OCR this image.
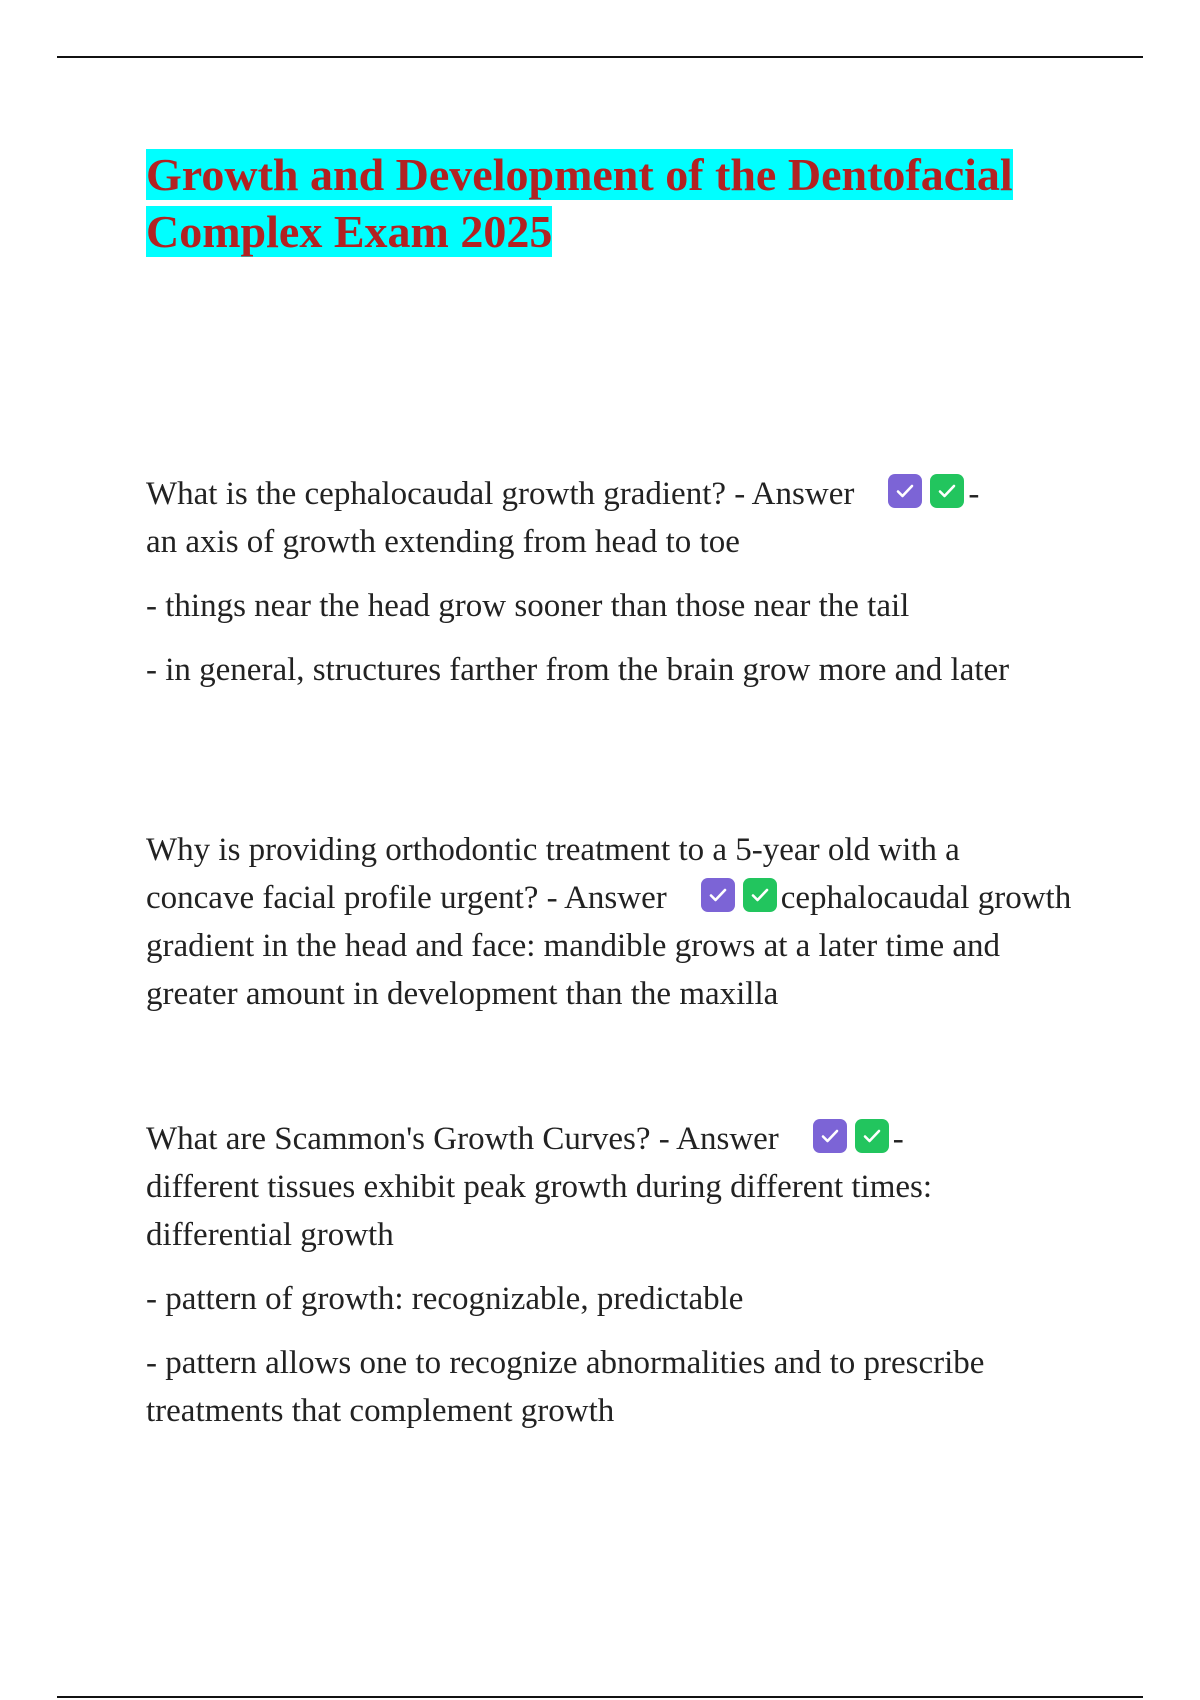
Growth and Development of the Dentofacial
Complex Exam 2025

What is the cephalocaudal growth gradient? - Answer	-
an axis of growth extending from head to toe

- things near the head grow sooner than those near the tail

- in general, structures farther from the brain grow more and later

Why is providing orthodontic treatment to a 5-year old with a concave facial profile urgent? - Answer	cephalocaudal growth gradient in the head and face: mandible grows at a later time and greater amount in development than the maxilla

What are Scammon's Growth Curves? - Answer	-
different tissues exhibit peak growth during different times: differential growth

- pattern of growth: recognizable, predictable

- pattern allows one to recognize abnormalities and to prescribe treatments that complement growth
